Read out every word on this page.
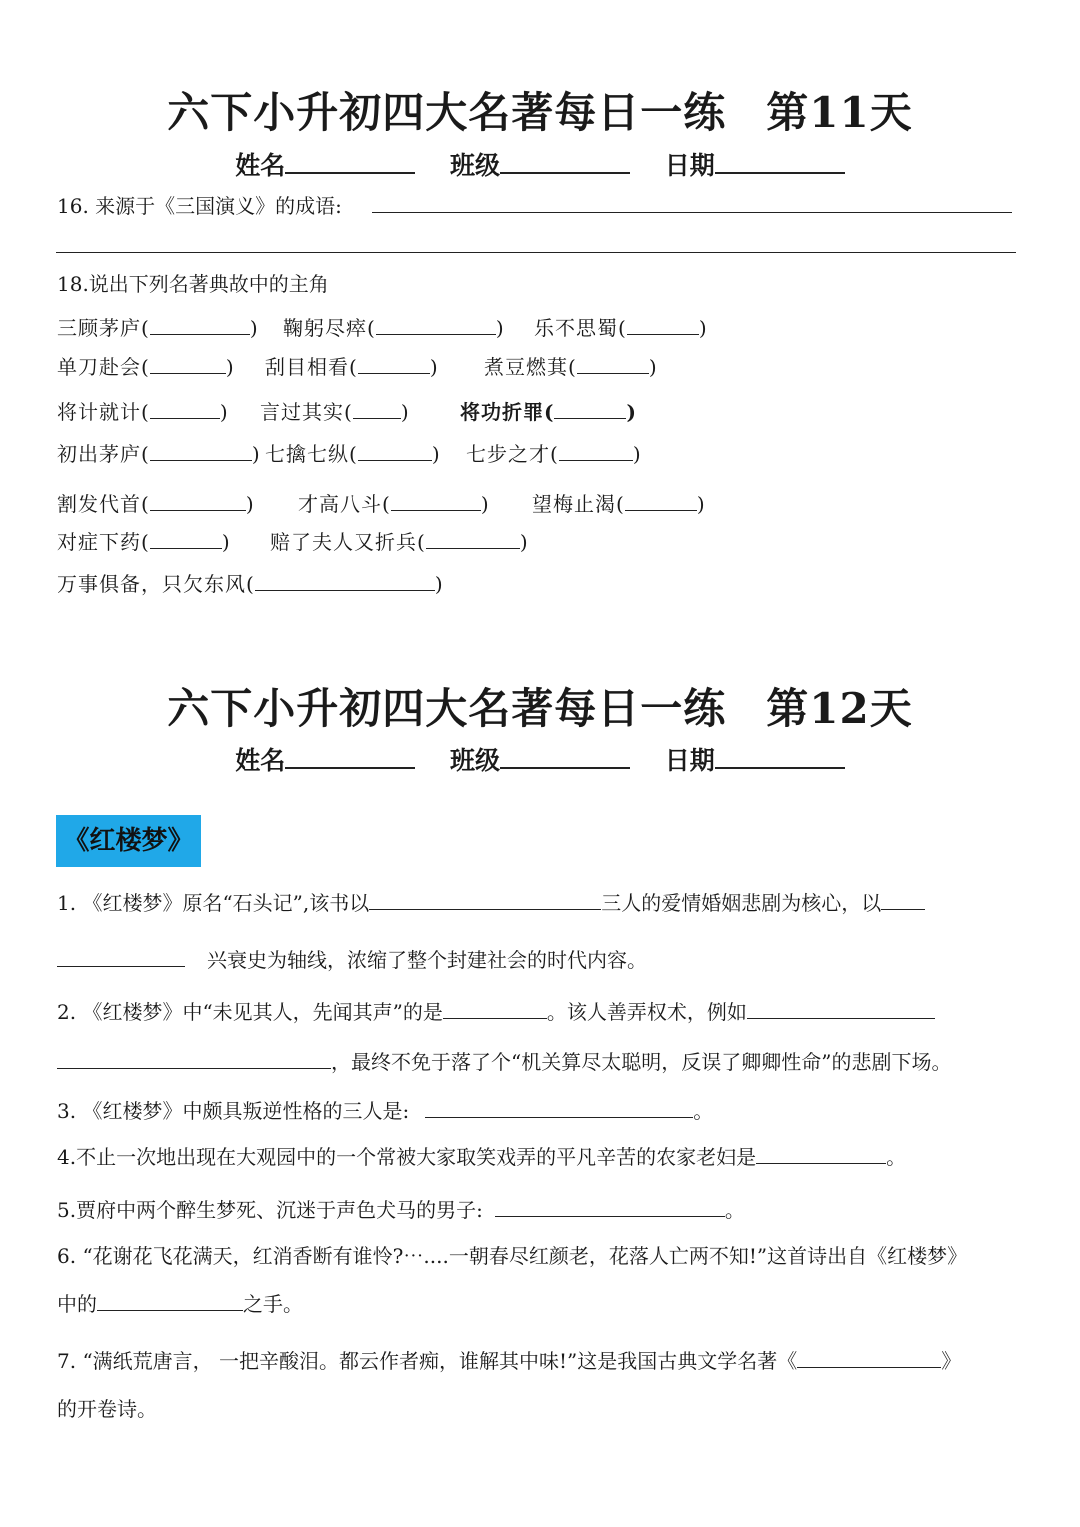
六下小升初四大名著每日一练 第11天
姓名	班级	日期
16. 来源于《三国演义》的成语:
18.说出下列名著典故中的主角
三顾茅庐(	) 鞠躬尽瘁(	) 乐不思蜀(	)
单刀赴会(	) 刮目相看(	) 煮豆燃萁(	)
将计就计(	) 言过其实( )	将功折罪(	)
初出茅庐(	) 七擒七纵(	) 七步之才(	)
割发代首(	) 才高八斗(	) 望梅止渴(	)
对症下药(	) 赔了夫人又折兵(	)
万事俱备，只欠东风(	)
六下小升初四大名著每日一练 第12天
姓名	班级	日期
《红楼梦》
1. 《红楼梦》原名“石头记”,该书以	三人的爱情婚姻悲剧为核心，以
兴衰史为轴线，浓缩了整个封建社会的时代内容。
2. 《红楼梦》中“未见其人，先闻其声”的是	。该人善弄权术，例如
，最终不免于落了个“机关算尽太聪明，反误了卿卿性命”的悲剧下场。
3. 《红楼梦》中颇具叛逆性格的三人是:	。
4.不止一次地出现在大观园中的一个常被大家取笑戏弄的平凡辛苦的农家老妇是	。
5.贾府中两个醉生梦死、沉迷于声色犬马的男子:	。
6. “花谢花飞花满天，红消香断有谁怜?⋯....一朝春尽红颜老，花落人亡两不知!”这首诗出自《红楼梦》
中的	之手。
7. “满纸荒唐言， 一把辛酸泪。都云作者痴，谁解其中味!”这是我国古典文学名著《	》
的开卷诗。
